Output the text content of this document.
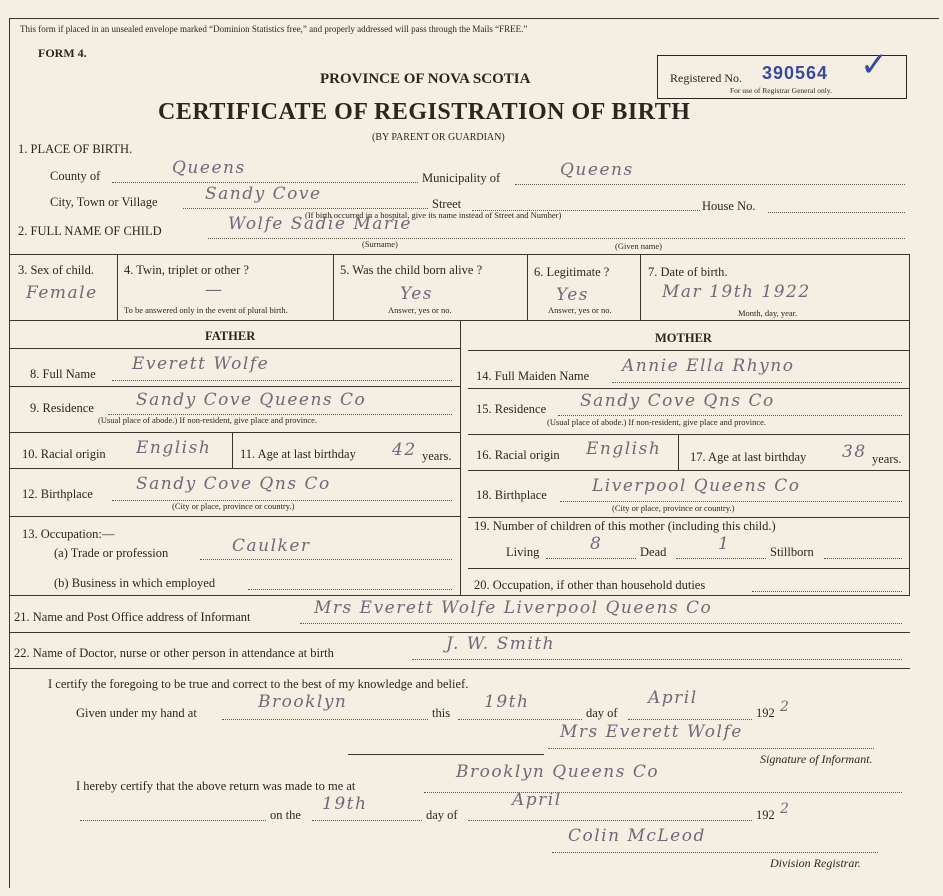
This form if placed in an unsealed envelope marked “Dominion Statistics free,” and properly addressed will pass through the Mails “FREE.”
FORM 4.
PROVINCE OF NOVA SCOTIA
CERTIFICATE OF REGISTRATION OF BIRTH
(BY PARENT OR GUARDIAN)
Registered No. 390564
For use of Registrar General only.
✓
1. PLACE OF BIRTH.
County of	Queens	Municipality of	Queens
City, Town or Village	Sandy Cove	Street	House No.
(If birth occurred in a hospital, give its name instead of Street and Number)
2. FULL NAME OF CHILD	Wolfe Sadie Marie
(Surname)	(Given name)
3. Sex of child.
Female
4. Twin, triplet or other ?
—
To be answered only in the event of plural birth.
5. Was the child born alive ?
Yes
Answer, yes or no.
6. Legitimate ?
Yes
Answer, yes or no.
7. Date of birth.
Mar 19th 1922
Month, day, year.
FATHER	MOTHER
8. Full Name Everett Wolfe
9. Residence Sandy Cove Queens Co
(Usual place of abode.) If non-resident, give place and province.
10. Racial origin English 11. Age at last birthday 42 years.
12. Birthplace	Sandy Cove Qns Co
(City or place, province or country.)
13. Occupation:—
(a) Trade or profession	Caulker
(b) Business in which employed
14. Full Maiden Name Annie Ella Rhyno
15. Residence Sandy Cove Qns Co
(Usual place of abode.) If non-resident, give place and province.
16. Racial origin English 17. Age at last birthday 38 years.
18. Birthplace	Liverpool Queens Co
(City or place, province or country.)
19. Number of children of this mother (including this child.)
Living	8	Dead	1	Stillborn
20. Occupation, if other than household duties
21. Name and Post Office address of Informant	Mrs Everett Wolfe Liverpool Queens Co
22. Name of Doctor, nurse or other person in attendance at birth	J. W. Smith
I certify the foregoing to be true and correct to the best of my knowledge and belief.
Given under my hand at
Brooklyn
this
19th
day of
April
192 2
Mrs Everett Wolfe
Signature of Informant.
I hereby certify that the above return was made to me at
Brooklyn Queens Co
on the
19th
day of
April
192 2
Colin McLeod
Division Registrar.
